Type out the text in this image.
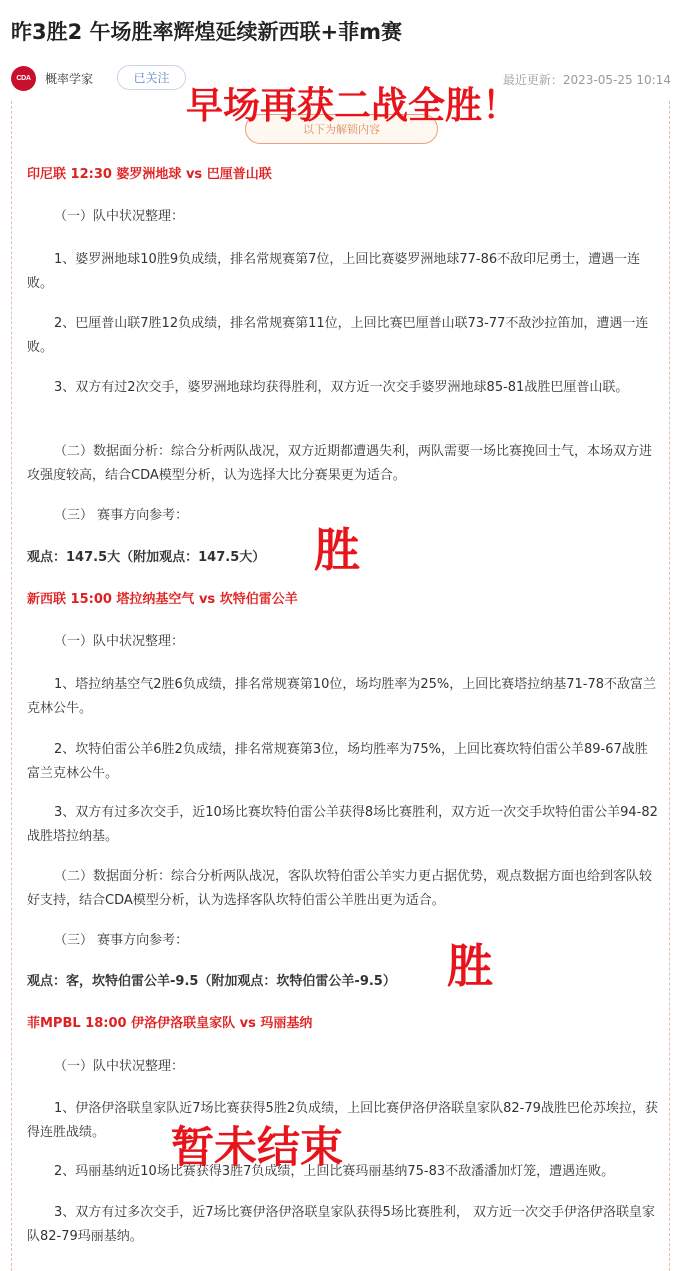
昨3胜2 午场胜率辉煌延续新西联+菲m赛
CDA	概率学家	已关注	最近更新：2023-05-25 10:14
以下为解锁内容
印尼联 12:30 婆罗洲地球 vs 巴厘普山联
（一）队中状况整理：
1、婆罗洲地球10胜9负成绩，排名常规赛第7位，上回比赛婆罗洲地球77-86不敌印尼勇士，遭遇一连败。
2、巴厘普山联7胜12负成绩，排名常规赛第11位，上回比赛巴厘普山联73-77不敌沙拉笛加，遭遇一连败。
3、双方有过2次交手，婆罗洲地球均获得胜利，双方近一次交手婆罗洲地球85-81战胜巴厘普山联。
（二）数据面分析：综合分析两队战况，双方近期都遭遇失利，两队需要一场比赛挽回士气，本场双方进攻强度较高，结合CDA模型分析，认为选择大比分赛果更为适合。
（三） 赛事方向参考：
观点：147.5大（附加观点：147.5大）
新西联 15:00 塔拉纳基空气 vs 坎特伯雷公羊
（一）队中状况整理：
1、塔拉纳基空气2胜6负成绩，排名常规赛第10位，场均胜率为25%，上回比赛塔拉纳基71-78不敌富兰克林公牛。
2、坎特伯雷公羊6胜2负成绩，排名常规赛第3位，场均胜率为75%，上回比赛坎特伯雷公羊89-67战胜富兰克林公牛。
3、双方有过多次交手，近10场比赛坎特伯雷公羊获得8场比赛胜利，双方近一次交手坎特伯雷公羊94-82战胜塔拉纳基。
（二）数据面分析：综合分析两队战况，客队坎特伯雷公羊实力更占据优势，观点数据方面也给到客队较好支持，结合CDA模型分析，认为选择客队坎特伯雷公羊胜出更为适合。
（三） 赛事方向参考：
观点：客，坎特伯雷公羊-9.5（附加观点：坎特伯雷公羊-9.5）
菲MPBL 18:00 伊洛伊洛联皇家队 vs 玛丽基纳
（一）队中状况整理：
1、伊洛伊洛联皇家队近7场比赛获得5胜2负成绩，上回比赛伊洛伊洛联皇家队82-79战胜巴伦苏埃拉，获得连胜战绩。
2、玛丽基纳近10场比赛获得3胜7负成绩，上回比赛玛丽基纳75-83不敌潘潘加灯笼，遭遇连败。
3、双方有过多次交手，近7场比赛伊洛伊洛联皇家队获得5场比赛胜利， 双方近一次交手伊洛伊洛联皇家队82-79玛丽基纳。
早场再获二战全胜！
胜
胜
暂未结束
